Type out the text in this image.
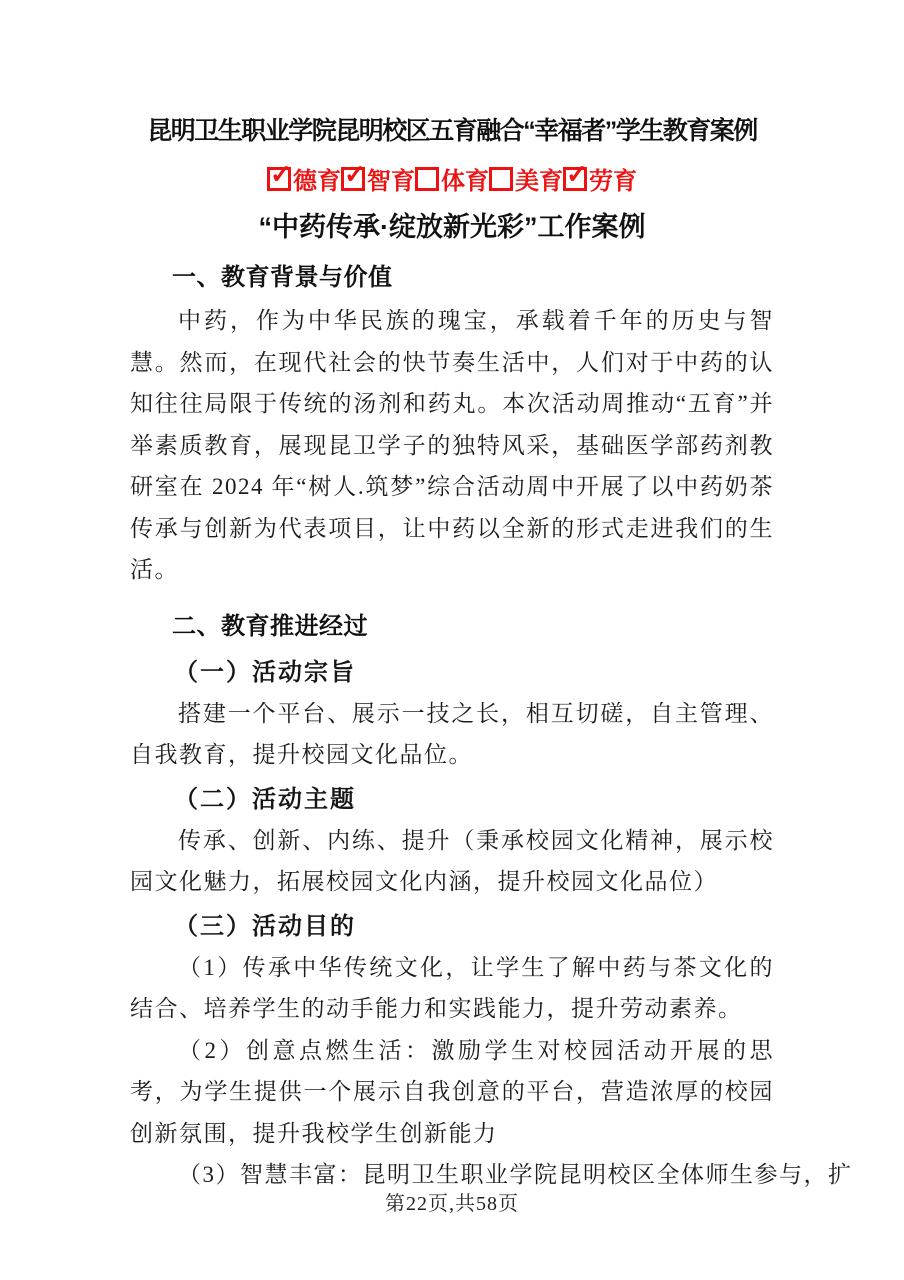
昆明卫生职业学院昆明校区五育融合“幸福者”学生教育案例
✓ 德育 ✓ 智育 体育 美育 ✓ 劳育
“中药传承·绽放新光彩”工作案例
一、教育背景与价值

中药，作为中华民族的瑰宝，承载着千年的历史与智慧。然而，在现代社会的快节奏生活中，人们对于中药的认知往往局限于传统的汤剂和药丸。本次活动周推动“五育”并举素质教育，展现昆卫学子的独特风采，基础医学部药剂教研室在 2024 年“树人.筑梦”综合活动周中开展了以中药奶茶传承与创新为代表项目，让中药以全新的形式走进我们的生活。

二、教育推进经过
（一）活动宗旨

搭建一个平台、展示一技之长，相互切磋，自主管理、自我教育，提升校园文化品位。

（二）活动主题

传承、创新、内练、提升（秉承校园文化精神，展示校园文化魅力，拓展校园文化内涵，提升校园文化品位）

（三）活动目的

（1）传承中华传统文化，让学生了解中药与茶文化的结合、培养学生的动手能力和实践能力，提升劳动素养。

（2）创意点燃生活：激励学生对校园活动开展的思考，为学生提供一个展示自我创意的平台，营造浓厚的校园创新氛围，提升我校学生创新能力

（3）智慧丰富：昆明卫生职业学院昆明校区全体师生参与，扩

第22页,共58页
